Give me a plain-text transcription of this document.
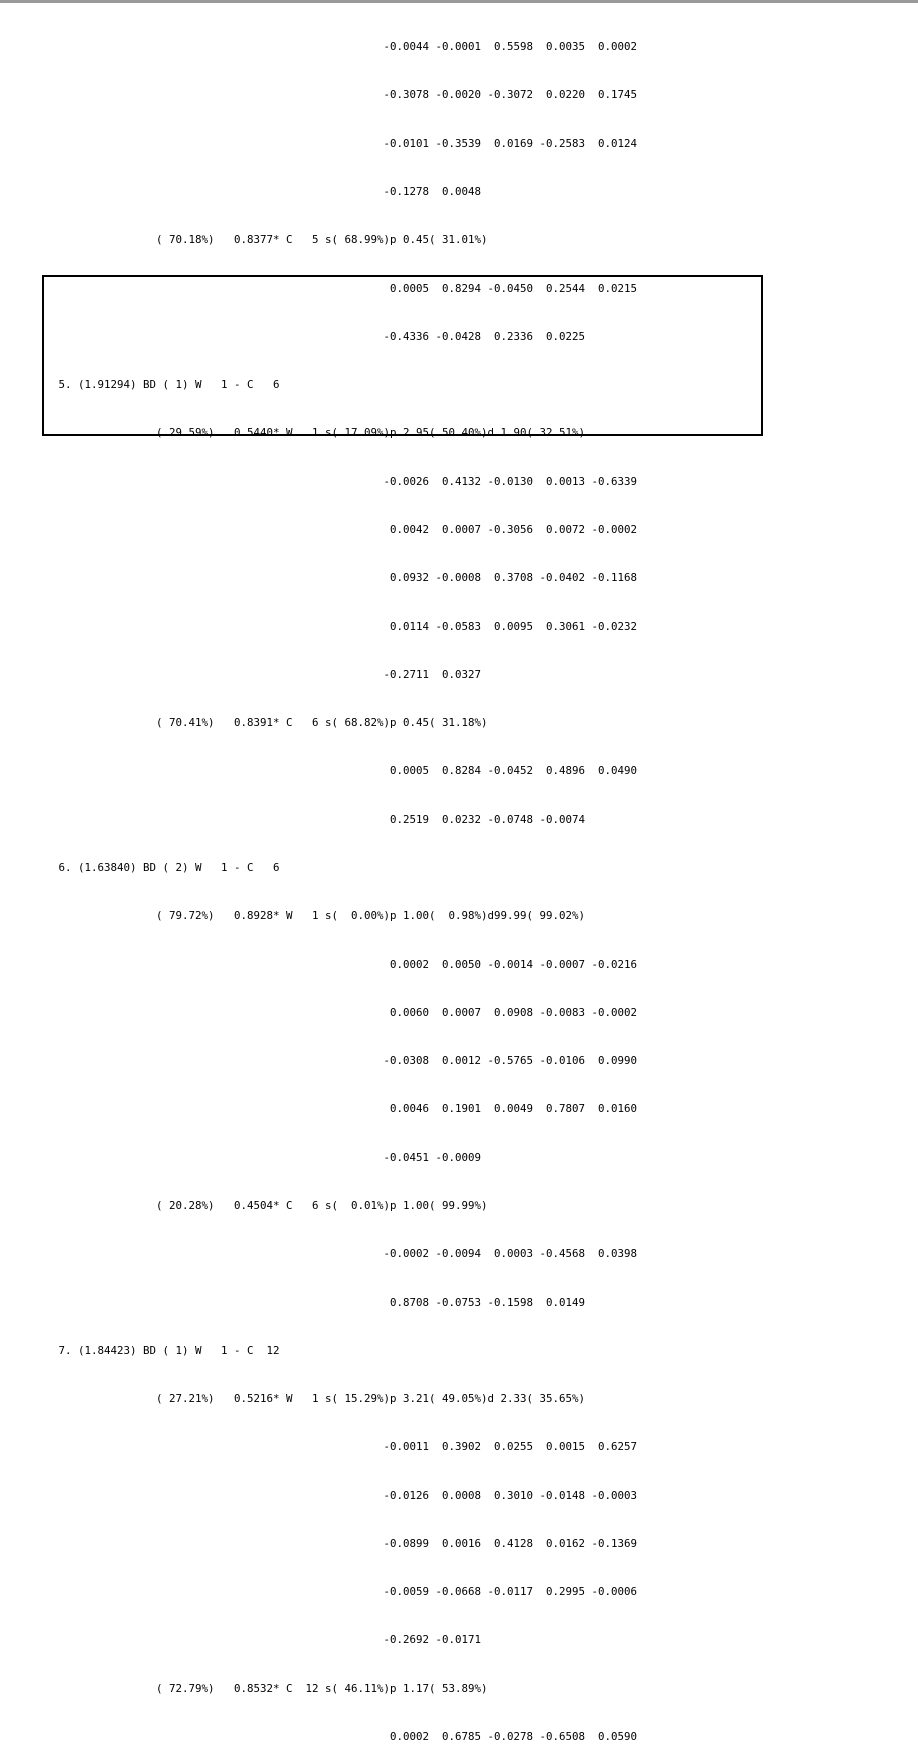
-0.0044 -0.0001  0.5598  0.0035  0.0002

-0.3078 -0.0020 -0.3072  0.0220  0.1745

-0.0101 -0.3539  0.0169 -0.2583  0.0124

-0.1278  0.0048

( 70.18%)   0.8377* C   5 s( 68.99%)p 0.45( 31.01%)

0.0005  0.8294 -0.0450  0.2544  0.0215

-0.4336 -0.0428  0.2336  0.0225

5. (1.91294) BD ( 1) W   1 - C   6

( 29.59%)   0.5440* W   1 s( 17.09%)p 2.95( 50.40%)d 1.90( 32.51%)

-0.0026  0.4132 -0.0130  0.0013 -0.6339

0.0042  0.0007 -0.3056  0.0072 -0.0002

0.0932 -0.0008  0.3708 -0.0402 -0.1168

0.0114 -0.0583  0.0095  0.3061 -0.0232

-0.2711  0.0327

( 70.41%)   0.8391* C   6 s( 68.82%)p 0.45( 31.18%)

0.0005  0.8284 -0.0452  0.4896  0.0490

0.2519  0.0232 -0.0748 -0.0074

6. (1.63840) BD ( 2) W   1 - C   6

( 79.72%)   0.8928* W   1 s(  0.00%)p 1.00(  0.98%)d99.99( 99.02%)

0.0002  0.0050 -0.0014 -0.0007 -0.0216

0.0060  0.0007  0.0908 -0.0083 -0.0002

-0.0308  0.0012 -0.5765 -0.0106  0.0990

0.0046  0.1901  0.0049  0.7807  0.0160

-0.0451 -0.0009

( 20.28%)   0.4504* C   6 s(  0.01%)p 1.00( 99.99%)

-0.0002 -0.0094  0.0003 -0.4568  0.0398

0.8708 -0.0753 -0.1598  0.0149

7. (1.84423) BD ( 1) W   1 - C  12

( 27.21%)   0.5216* W   1 s( 15.29%)p 3.21( 49.05%)d 2.33( 35.65%)

-0.0011  0.3902  0.0255  0.0015  0.6257

-0.0126  0.0008  0.3010 -0.0148 -0.0003

-0.0899  0.0016  0.4128  0.0162 -0.1369

-0.0059 -0.0668 -0.0117  0.2995 -0.0006

-0.2692 -0.0171

( 72.79%)   0.8532* C  12 s( 46.11%)p 1.17( 53.89%)

0.0002  0.6785 -0.0278 -0.6508  0.0590
